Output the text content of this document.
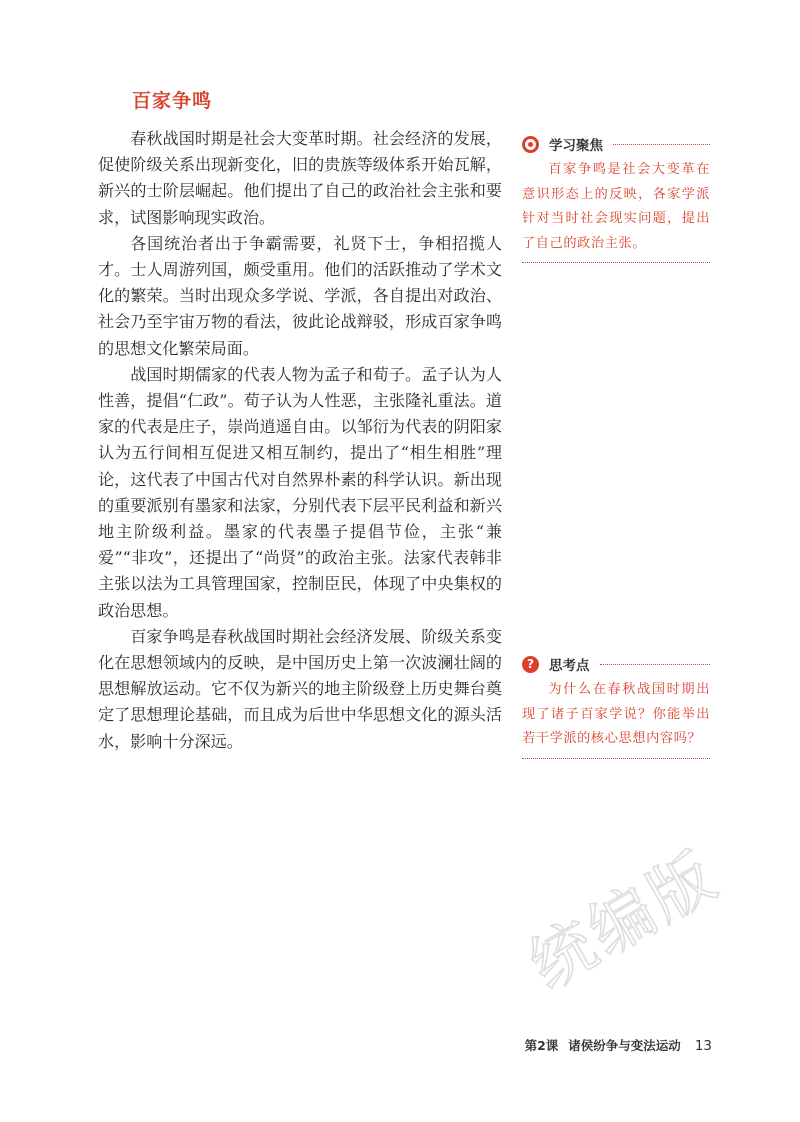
百家争鸣

春秋战国时期是社会大变革时期。社会经济的发展，促使阶级关系出现新变化，旧的贵族等级体系开始瓦解，新兴的士阶层崛起。他们提出了自己的政治社会主张和要求，试图影响现实政治。

各国统治者出于争霸需要，礼贤下士，争相招揽人才。士人周游列国，颇受重用。他们的活跃推动了学术文化的繁荣。当时出现众多学说、学派，各自提出对政治、社会乃至宇宙万物的看法，彼此论战辩驳，形成百家争鸣的思想文化繁荣局面。

战国时期儒家的代表人物为孟子和荀子。孟子认为人性善，提倡“仁政”。荀子认为人性恶，主张隆礼重法。道家的代表是庄子，崇尚逍遥自由。以邹衍为代表的阴阳家认为五行间相互促进又相互制约，提出了“相生相胜”理论，这代表了中国古代对自然界朴素的科学认识。新出现的重要派别有墨家和法家，分别代表下层平民利益和新兴地主阶级利益。墨家的代表墨子提倡节俭，主张“兼爱”“非攻”，还提出了“尚贤”的政治主张。法家代表韩非主张以法为工具管理国家，控制臣民，体现了中央集权的政治思想。

百家争鸣是春秋战国时期社会经济发展、阶级关系变化在思想领域内的反映，是中国历史上第一次波澜壮阔的思想解放运动。它不仅为新兴的地主阶级登上历史舞台奠定了思想理论基础，而且成为后世中华思想文化的源头活水，影响十分深远。

学习聚焦
百家争鸣是社会大变革在意识形态上的反映，各家学派针对当时社会现实问题，提出了自己的政治主张。
?	思考点
为什么在春秋战国时期出现了诸子百家学说？你能举出若干学派的核心思想内容吗？
统编版
第2课 诸侯纷争与变法运动 13
